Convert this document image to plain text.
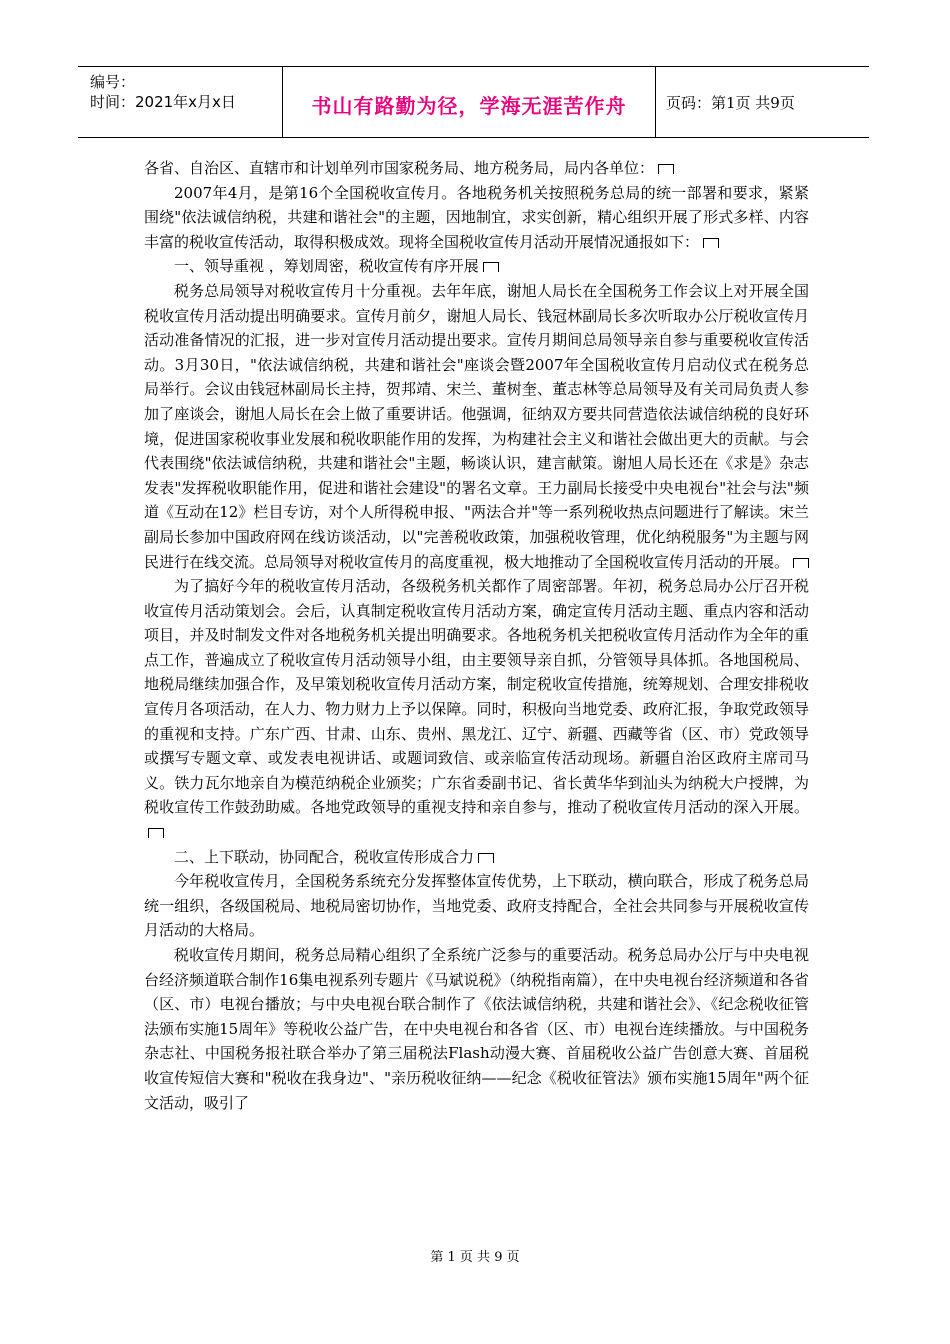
编号：
时间：2021年x月x日	书山有路勤为径，学海无涯苦作舟	页码：第1页 共9页

各省、自治区、直辖市和计划单列市国家税务局、地方税务局，局内各单位：

2007年4月，是第16个全国税收宣传月。各地税务机关按照税务总局的统一部署和要求，紧紧围绕"依法诚信纳税，共建和谐社会"的主题，因地制宜，求实创新，精心组织开展了形式多样、内容丰富的税收宣传活动，取得积极成效。现将全国税收宣传月活动开展情况通报如下：

一、领导重视 ，筹划周密，税收宣传有序开展

税务总局领导对税收宣传月十分重视。去年年底，谢旭人局长在全国税务工作会议上对开展全国税收宣传月活动提出明确要求。宣传月前夕，谢旭人局长、钱冠林副局长多次听取办公厅税收宣传月活动准备情况的汇报，进一步对宣传月活动提出要求。宣传月期间总局领导亲自参与重要税收宣传活动。3月30日，"依法诚信纳税，共建和谐社会"座谈会暨2007年全国税收宣传月启动仪式在税务总局举行。会议由钱冠林副局长主持，贺邦靖、宋兰、董树奎、董志林等总局领导及有关司局负责人参加了座谈会，谢旭人局长在会上做了重要讲话。他强调，征纳双方要共同营造依法诚信纳税的良好环境，促进国家税收事业发展和税收职能作用的发挥，为构建社会主义和谐社会做出更大的贡献。与会代表围绕"依法诚信纳税，共建和谐社会"主题，畅谈认识，建言献策。谢旭人局长还在《求是》杂志发表"发挥税收职能作用，促进和谐社会建设"的署名文章。王力副局长接受中央电视台"社会与法"频道《互动在12》栏目专访，对个人所得税申报、"两法合并"等一系列税收热点问题进行了解读。宋兰副局长参加中国政府网在线访谈活动，以"完善税收政策，加强税收管理，优化纳税服务"为主题与网民进行在线交流。总局领导对税收宣传月的高度重视，极大地推动了全国税收宣传月活动的开展。

为了搞好今年的税收宣传月活动，各级税务机关都作了周密部署。年初，税务总局办公厅召开税收宣传月活动策划会。会后，认真制定税收宣传月活动方案，确定宣传月活动主题、重点内容和活动项目，并及时制发文件对各地税务机关提出明确要求。各地税务机关把税收宣传月活动作为全年的重点工作，普遍成立了税收宣传月活动领导小组，由主要领导亲自抓，分管领导具体抓。各地国税局、地税局继续加强合作，及早策划税收宣传月活动方案，制定税收宣传措施，统筹规划、合理安排税收宣传月各项活动，在人力、物力财力上予以保障。同时，积极向当地党委、政府汇报，争取党政领导的重视和支持。广东广西、甘肃、山东、贵州、黑龙江、辽宁、新疆、西藏等省（区、市）党政领导或撰写专题文章、或发表电视讲话、或题词致信、或亲临宣传活动现场。新疆自治区政府主席司马义。铁力瓦尔地亲自为模范纳税企业颁奖；广东省委副书记、省长黄华华到汕头为纳税大户授牌，为税收宣传工作鼓劲助威。各地党政领导的重视支持和亲自参与，推动了税收宣传月活动的深入开展。

二、上下联动，协同配合，税收宣传形成合力

今年税收宣传月，全国税务系统充分发挥整体宣传优势，上下联动，横向联合，形成了税务总局统一组织，各级国税局、地税局密切协作，当地党委、政府支持配合，全社会共同参与开展税收宣传月活动的大格局。

税收宣传月期间，税务总局精心组织了全系统广泛参与的重要活动。税务总局办公厅与中央电视台经济频道联合制作16集电视系列专题片《马斌说税》（纳税指南篇），在中央电视台经济频道和各省（区、市）电视台播放；与中央电视台联合制作了《依法诚信纳税，共建和谐社会》、《纪念税收征管法颁布实施15周年》等税收公益广告，在中央电视台和各省（区、市）电视台连续播放。与中国税务杂志社、中国税务报社联合举办了第三届税法Flash动漫大赛、首届税收公益广告创意大赛、首届税收宣传短信大赛和"税收在我身边"、"亲历税收征纳——纪念《税收征管法》颁布实施15周年"两个征文活动，吸引了

第 1 页 共 9 页
